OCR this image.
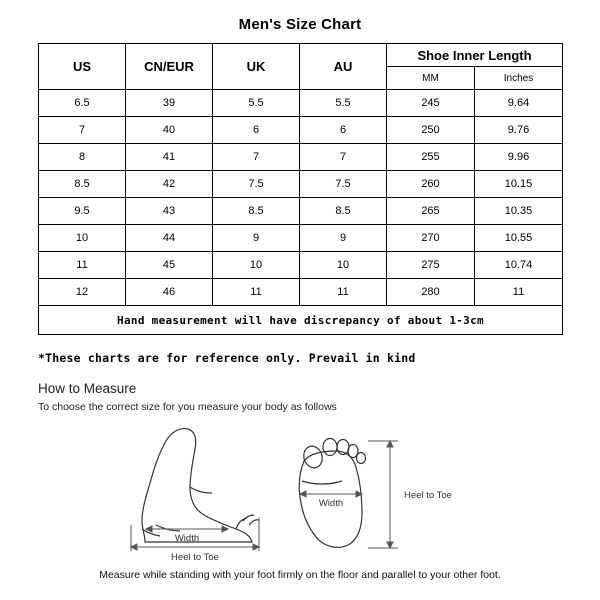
Men's Size Chart
US	CN/EUR	UK	AU	Shoe Inner Length	
				MM	Inches
6.5	39	5.5	5.5	245	9.64
7	40	6	6	250	9.76
8	41	7	7	255	9.96
8.5	42	7.5	7.5	260	10.15
9.5	43	8.5	8.5	265	10.35
10	44	9	9	270	10.55
11	45	10	10	275	10.74
12	46	11	11	280	11
Hand measurement will have discrepancy of about 1-3cm					
*These charts are for reference only. Prevail in kind
How to Measure
To choose the correct size for you measure your body as follows
Width
Heel to Toe
Width
Heel to Toe
Measure while standing with your foot firmly on the floor and parallel to your other foot.
